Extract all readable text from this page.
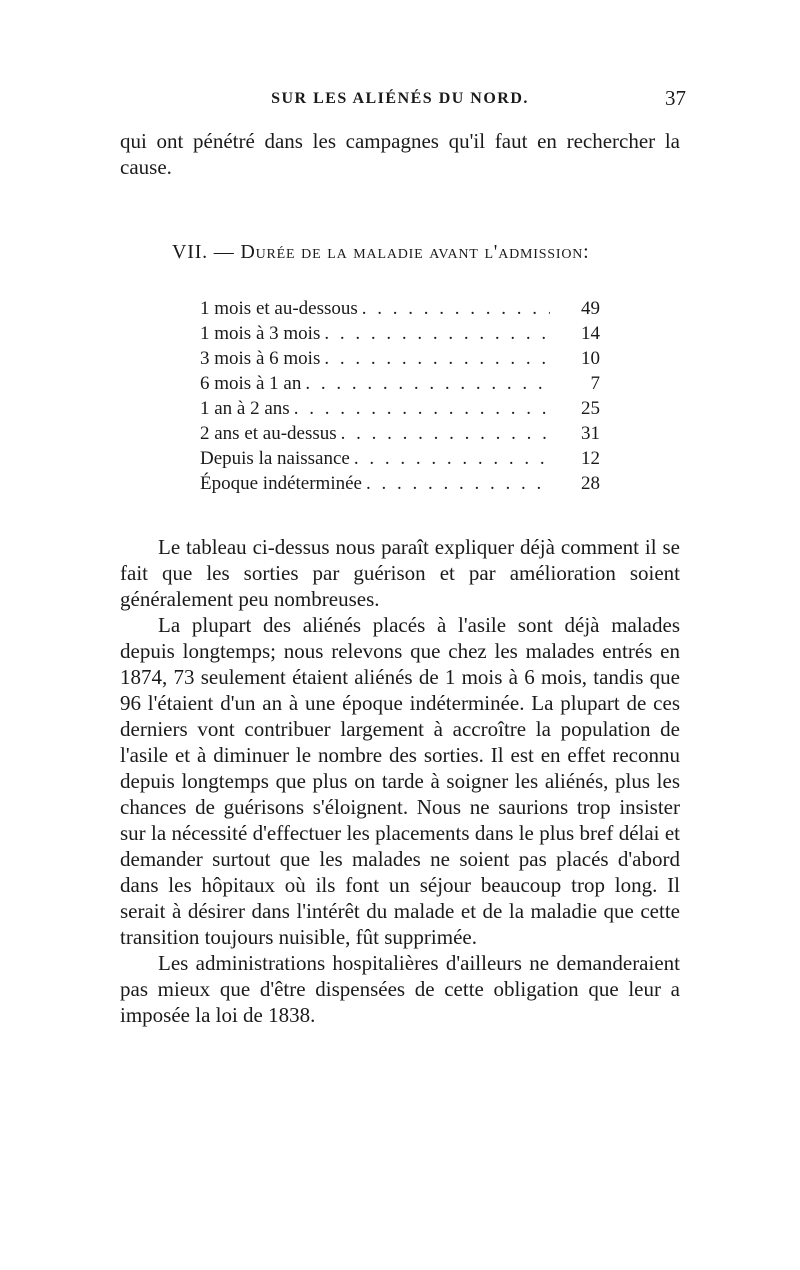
SUR LES ALIÉNÉS DU NORD.	37

qui ont pénétré dans les campagnes qu'il faut en rechercher la cause.

VII. — Durée de la maladie avant l'admission:
1 mois et au-dessous . . .	49
1 mois à 3 mois . . .	14
3 mois à 6 mois . . .	10
6 mois à 1 an . . .	7
1 an à 2 ans . . .	25
2 ans et au-dessus . . .	31
Depuis la naissance . . .	12
Époque indéterminée . . .	28

Le tableau ci-dessus nous paraît expliquer déjà comment il se fait que les sorties par guérison et par amélioration soient généralement peu nombreuses.

La plupart des aliénés placés à l'asile sont déjà malades depuis longtemps; nous relevons que chez les malades entrés en 1874, 73 seulement étaient aliénés de 1 mois à 6 mois, tandis que 96 l'étaient d'un an à une époque indéterminée. La plupart de ces derniers vont contribuer largement à accroître la population de l'asile et à diminuer le nombre des sorties. Il est en effet reconnu depuis longtemps que plus on tarde à soigner les aliénés, plus les chances de guérisons s'éloignent. Nous ne saurions trop insister sur la nécessité d'effectuer les placements dans le plus bref délai et demander surtout que les malades ne soient pas placés d'abord dans les hôpitaux où ils font un séjour beaucoup trop long. Il serait à désirer dans l'intérêt du malade et de la maladie que cette transition toujours nuisible, fût supprimée.

Les administrations hospitalières d'ailleurs ne demanderaient pas mieux que d'être dispensées de cette obligation que leur a imposée la loi de 1838.
